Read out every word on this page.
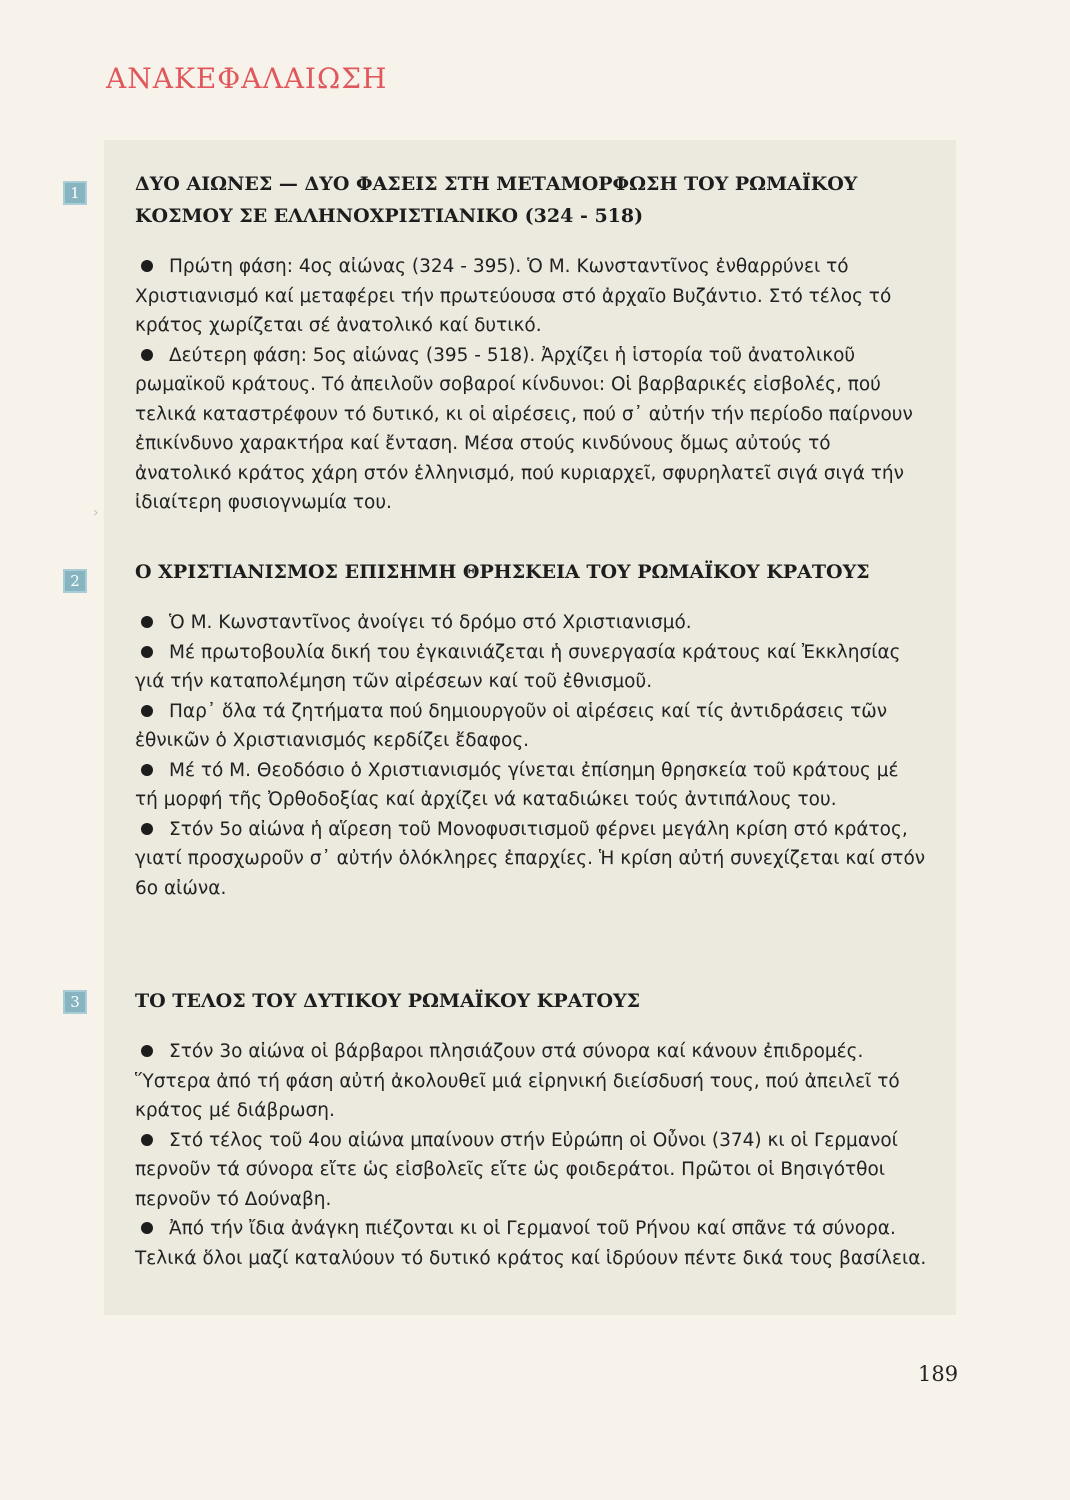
ΑΝΑΚΕΦΑΛΑΙΩΣΗ
1	ΔΥΟ ΑΙΩΝΕΣ — ΔΥΟ ΦΑΣΕΙΣ ΣΤΗ ΜΕΤΑΜΟΡΦΩΣΗ ΤΟΥ ΡΩΜΑΪΚΟΥ ΚΟΣΜΟΥ ΣΕ ΕΛΛΗΝΟΧΡΙΣΤΙΑΝΙΚΟ (324 - 518)

Πρώτη φάση: 4ος αἰώνας (324 - 395). Ὁ Μ. Κωνσταντῖνος ἐνθαρρύνει τό Χριστιανισμό καί μεταφέρει τήν πρωτεύουσα στό ἀρχαῖο Βυζάντιο. Στό τέλος τό κράτος χωρίζεται σέ ἀνατολικό καί δυτικό.

Δεύτερη φάση: 5ος αἰώνας (395 - 518). Ἀρχίζει ἡ ἱστορία τοῦ ἀνατολικοῦ ρωμαϊκοῦ κράτους. Τό ἀπειλοῦν σοβαροί κίνδυνοι: Οἱ βαρβαρικές εἰσβολές, πού τελικά καταστρέφουν τό δυτικό, κι οἱ αἱρέσεις, πού σ᾿ αὐτήν τήν περίοδο παίρνουν ἐπικίνδυνο χαρακτήρα καί ἔνταση. Μέσα στούς κινδύνους ὅμως αὐτούς τό ἀνατολικό κράτος χάρη στόν ἑλληνισμό, πού κυριαρχεῖ, σφυρηλατεῖ σιγά σιγά τήν ἰδιαίτερη φυσιογνωμία του.

2	Ο ΧΡΙΣΤΙΑΝΙΣΜΟΣ ΕΠΙΣΗΜΗ ΘΡΗΣΚΕΙΑ ΤΟΥ ΡΩΜΑΪΚΟΥ ΚΡΑΤΟΥΣ

Ὁ Μ. Κωνσταντῖνος ἀνοίγει τό δρόμο στό Χριστιανισμό.

Μέ πρωτοβουλία δική του ἐγκαινιάζεται ἡ συνεργασία κράτους καί Ἐκκλησίας γιά τήν καταπολέμηση τῶν αἱρέσεων καί τοῦ ἐθνισμοῦ.

Παρ᾿ ὅλα τά ζητήματα πού δημιουργοῦν οἱ αἱρέσεις καί τίς ἀντιδράσεις τῶν ἐθνικῶν ὁ Χριστιανισμός κερδίζει ἔδαφος.

Μέ τό Μ. Θεοδόσιο ὁ Χριστιανισμός γίνεται ἐπίσημη θρησκεία τοῦ κράτους μέ τή μορφή τῆς Ὀρθοδοξίας καί ἀρχίζει νά καταδιώκει τούς ἀντιπάλους του.

Στόν 5ο αἰώνα ἡ αἵρεση τοῦ Μονοφυσιτισμοῦ φέρνει μεγάλη κρίση στό κράτος, γιατί προσχωροῦν σ᾿ αὐτήν ὁλόκληρες ἐπαρχίες. Ἡ κρίση αὐτή συνεχίζεται καί στόν 6ο αἰώνα.

3	ΤΟ ΤΕΛΟΣ ΤΟΥ ΔΥΤΙΚΟΥ ΡΩΜΑΪΚΟΥ ΚΡΑΤΟΥΣ

Στόν 3ο αἰώνα οἱ βάρβαροι πλησιάζουν στά σύνορα καί κάνουν ἐπιδρομές. Ὕστερα ἀπό τή φάση αὐτή ἀκολουθεῖ μιά εἰρηνική διείσδυσή τους, πού ἀπειλεῖ τό κράτος μέ διάβρωση.

Στό τέλος τοῦ 4ου αἰώνα μπαίνουν στήν Εὐρώπη οἱ Οὖνοι (374) κι οἱ Γερμανοί περνοῦν τά σύνορα εἴτε ὡς εἰσβολεῖς εἴτε ὡς φοιδεράτοι. Πρῶτοι οἱ Βησιγότθοι περνοῦν τό Δούναβη.

Ἀπό τήν ἴδια ἀνάγκη πιέζονται κι οἱ Γερμανοί τοῦ Ρήνου καί σπᾶνε τά σύνορα. Τελικά ὅλοι μαζί καταλύουν τό δυτικό κράτος καί ἱδρύουν πέντε δικά τους βασίλεια.

›
189
